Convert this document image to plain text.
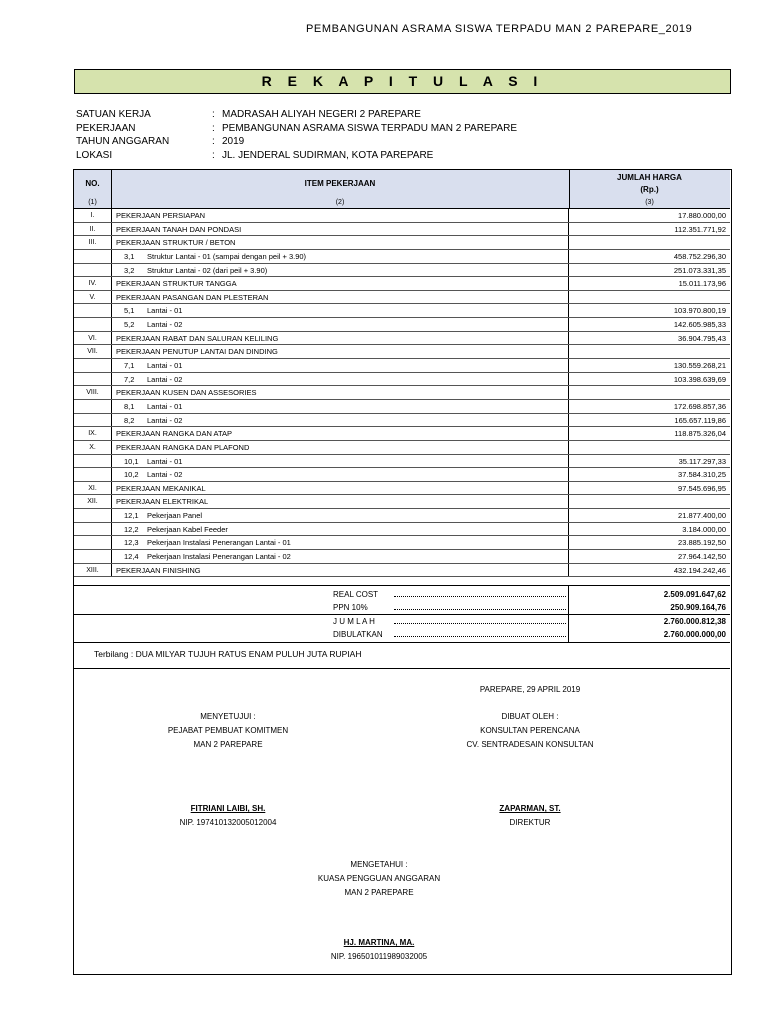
PEMBANGUNAN ASRAMA SISWA TERPADU MAN 2 PAREPARE_2019
R E K A P I T U L A S I
SATUAN KERJA	: MADRASAH ALIYAH NEGERI 2 PAREPARE
PEKERJAAN	: PEMBANGUNAN ASRAMA SISWA TERPADU MAN 2 PAREPARE
TAHUN ANGGARAN	: 2019
LOKASI	: JL. JENDERAL SUDIRMAN, KOTA PAREPARE
NO.	ITEM PEKERJAAN
JUMLAH HARGA
(Rp.)
(1)	(2)	(3)
I.	PEKERJAAN PERSIAPAN	17.880.000,00
II.	PEKERJAAN TANAH DAN PONDASI	112.351.771,92
III.	PEKERJAAN STRUKTUR / BETON
3,1 Struktur Lantai - 01 (sampai dengan peil + 3.90)	458.752.296,30
3,2 Struktur Lantai - 02 (dari peil + 3.90)	251.073.331,35
IV.	PEKERJAAN STRUKTUR TANGGA	15.011.173,96
V.	PEKERJAAN PASANGAN DAN PLESTERAN
5,1 Lantai - 01	103.970.800,19
5,2 Lantai - 02	142.605.985,33
VI.	PEKERJAAN RABAT DAN SALURAN KELILING	36.904.795,43
VII.	PEKERJAAN PENUTUP LANTAI DAN DINDING
7,1 Lantai - 01	130.559.268,21
7,2 Lantai - 02	103.398.639,69
VIII.	PEKERJAAN KUSEN DAN ASSESORIES
8,1 Lantai - 01	172.698.857,36
8,2 Lantai - 02	165.657.119,86
IX.	PEKERJAAN RANGKA DAN ATAP	118.875.326,04
X.	PEKERJAAN RANGKA DAN PLAFOND
10,1 Lantai - 01	35.117.297,33
10,2 Lantai - 02	37.584.310,25
XI.	PEKERJAAN MEKANIKAL	97.545.696,95
XII.	PEKERJAAN ELEKTRIKAL
12,1 Pekerjaan Panel	21.877.400,00
12,2 Pekerjaan Kabel Feeder	3.184.000,00
12,3 Pekerjaan Instalasi Penerangan Lantai - 01	23.885.192,50
12,4 Pekerjaan Instalasi Penerangan Lantai - 02	27.964.142,50
XIII.	PEKERJAAN FINISHING	432.194.242,46
REAL COST	2.509.091.647,62
PPN 10%	250.909.164,76
J U M L A H	2.760.000.812,38
DIBULATKAN	2.760.000.000,00
Terbilang : DUA MILYAR TUJUH RATUS ENAM PULUH JUTA RUPIAH
PAREPARE, 29 APRIL 2019
MENYETUJUI :
PEJABAT PEMBUAT KOMITMEN
MAN 2 PAREPARE
FITRIANI LAIBI, SH.
NIP. 197410132005012004
DIBUAT OLEH :
KONSULTAN PERENCANA
CV. SENTRADESAIN KONSULTAN
ZAPARMAN, ST.
DIREKTUR
MENGETAHUI :
KUASA PENGGUAN ANGGARAN
MAN 2 PAREPARE
HJ. MARTINA, MA.
NIP. 196501011989032005
